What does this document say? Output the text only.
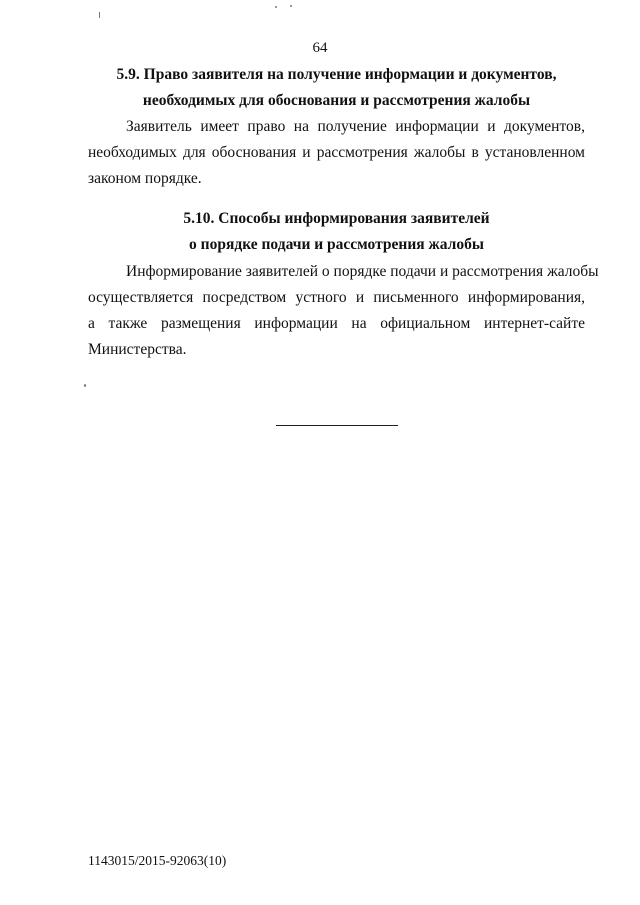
64
5.9. Право заявителя на получение информации и документов,
необходимых для обоснования и рассмотрения жалобы
Заявитель имеет право на получение информации и документов,
необходимых для обоснования и рассмотрения жалобы в установленном
законом порядке.
5.10. Способы информирования заявителей
о порядке подачи и рассмотрения жалобы
Информирование заявителей о порядке подачи и рассмотрения жалобы
осуществляется посредством устного и письменного информирования,
а также размещения информации на официальном интернет-сайте
Министерства.
1143015/2015-92063(10)
